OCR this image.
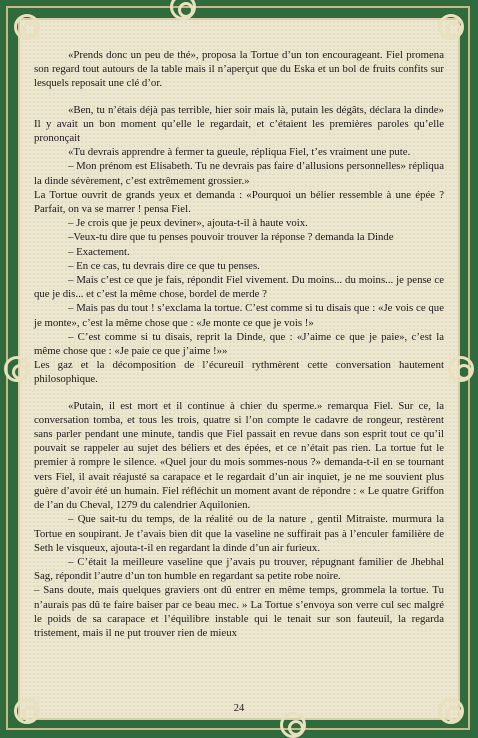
«Prends donc un peu de thé», proposa la Tortue d’un ton encourageant. Fiel promena son regard tout autours de la table mais il n’aperçut que du Eska et un bol de fruits confits sur lesquels reposait une clé d’or.

«Ben, tu n’étais déjà pas terrible, hier soir mais là, putain les dégâts, déclara la dinde» Il y avait un bon moment qu’elle le regardait, et c’étaient les premières paroles qu’elle prononçait

«Tu devrais apprendre à fermer ta gueule, répliqua Fiel, t’es vraiment une pute.

– Mon prénom est Elisabeth. Tu ne devrais pas faire d’allusions personnelles» répliqua la dinde sévèrement, c’est extrêmement grossier.»

La Tortue ouvrit de grands yeux et demanda : «Pourquoi un bélier ressemble à une épée ? Parfait, on va se marrer ! pensa Fiel.

– Je crois que je peux deviner», ajouta-t-il à haute voix.

–Veux-tu dire que tu penses pouvoir trouver la réponse ? demanda la Dinde

– Exactement.

– En ce cas, tu devrais dire ce que tu penses.

– Mais c’est ce que je fais, répondit Fiel vivement. Du moins... du moins... je pense ce que je dis... et c’est la même chose, bordel de merde ?

– Mais pas du tout ! s’exclama la tortue. C’est comme si tu disais que : «Je vois ce que je monte», c’est la même chose que : «Je monte ce que je vois !»

– C’est comme si tu disais, reprit la Dinde, que : «J’aime ce que je paie», c’est la même chose que : «Je paie ce que j’aime !»»

Les gaz et la décomposition de l’écureuil rythmèrent cette conversation hautement philosophique.

«Putain, il est mort et il continue à chier du sperme.» remarqua Fiel. Sur ce, la conversation tomba, et tous les trois, quatre si l’on compte le cadavre de rongeur, restèrent sans parler pendant une minute, tandis que Fiel passait en revue dans son esprit tout ce qu’il pouvait se rappeler au sujet des béliers et des épées, et ce n’était pas rien. La tortue fut le premier à rompre le silence. «Quel jour du mois sommes-nous ?» demanda-t-il en se tournant vers Fiel, il avait réajusté sa carapace et le regardait d’un air inquiet, je ne me souvient plus guère d’avoir été un humain. Fiel réfléchit un moment avant de répondre : « Le quatre Griffon de l’an du Cheval, 1279 du calendrier Aquilonien.

– Que sait-tu du temps, de la réalité ou de la nature , gentil Mitraiste. murmura la Tortue en soupirant. Je t’avais bien dit que la vaseline ne suffirait pas à l’enculer familière de Seth le visqueux, ajouta-t-il en regardant la dinde d’un air furieux.

– C’était la meilleure vaseline que j’avais pu trouver, répugnant familier de Jhebhal Sag, répondit l’autre d’un ton humble en regardant sa petite robe noire.

– Sans doute, mais quelques graviers ont dû entrer en même temps, grommela la tortue. Tu n’aurais pas dû te faire baiser par ce beau mec. » La Tortue s’envoya son verre cul sec malgré le poids de sa carapace et l’équilibre instable qui le tenait sur son fauteuil, la regarda tristement, mais il ne put trouver rien de mieux

24
